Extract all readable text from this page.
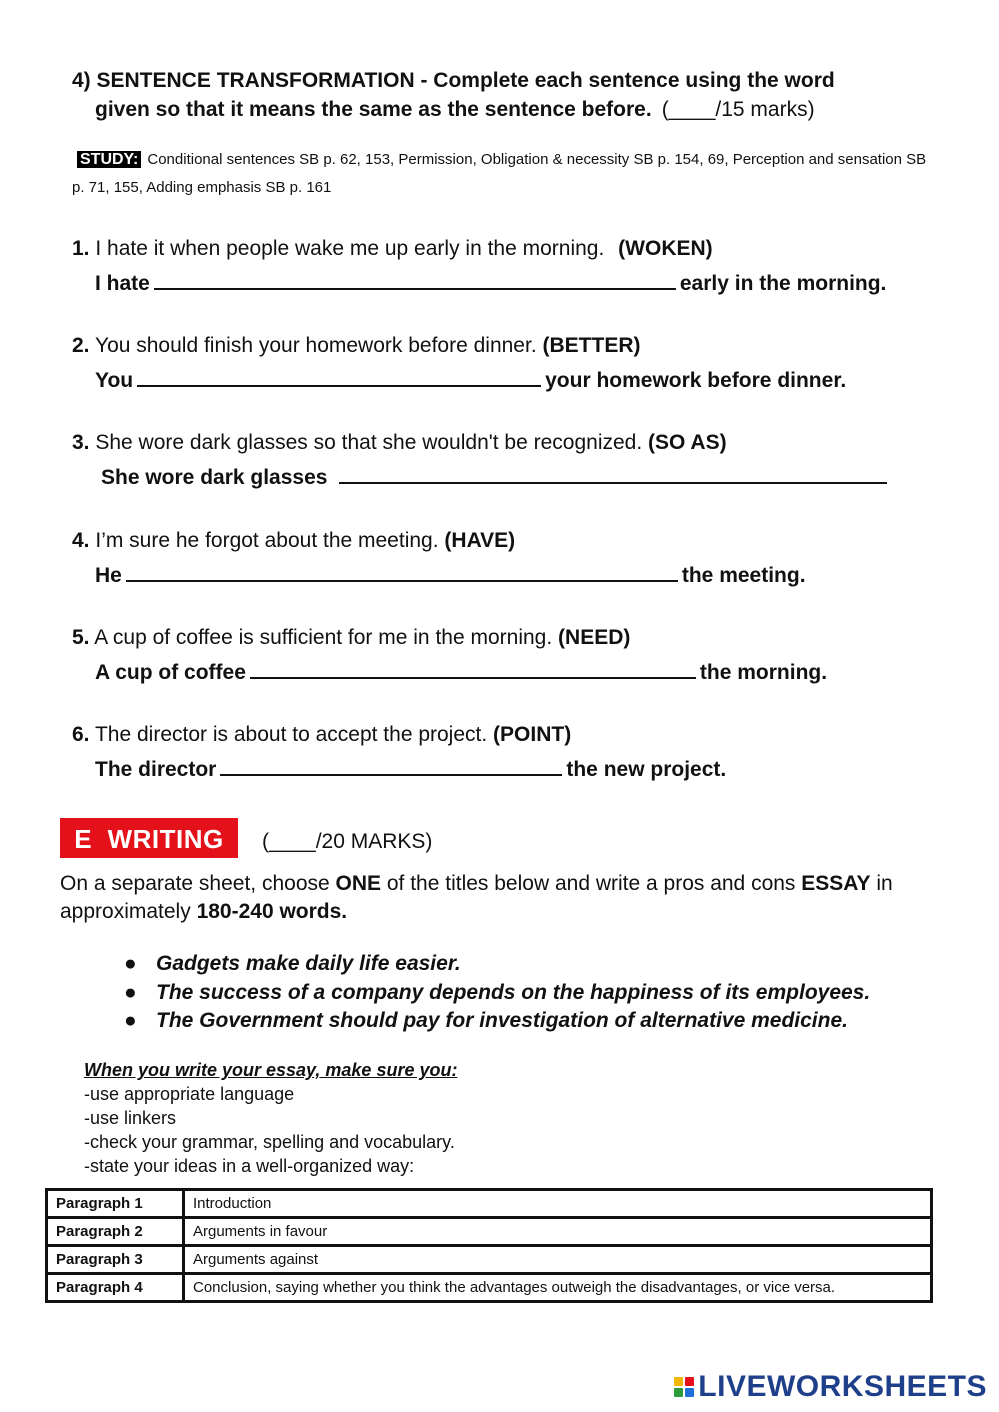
4) SENTENCE TRANSFORMATION - Complete each sentence using the word
given so that it means the same as the sentence before. (____/15 marks)
STUDY: Conditional sentences SB p. 62, 153, Permission, Obligation & necessity SB p. 154, 69, Perception and sensation SB p. 71, 155, Adding emphasis SB p. 161
1. I hate it when people wake me up early in the morning. (WOKEN)
I hate	early in the morning.
2. You should finish your homework before dinner. (BETTER)
You	your homework before dinner.
3. She wore dark glasses so that she wouldn't be recognized. (SO AS)
She wore dark glasses
4. I’m sure he forgot about the meeting. (HAVE)
He	the meeting.
5. A cup of coffee is sufficient for me in the morning. (NEED)
A cup of coffee	the morning.
6. The director is about to accept the project. (POINT)
The director	the new project.
E  WRITING	(____/20 MARKS)
On a separate sheet, choose ONE of the titles below and write a pros and cons ESSAY in approximately 180-240 words.
● Gadgets make daily life easier.
● The success of a company depends on the happiness of its employees.
● The Government should pay for investigation of alternative medicine.
When you write your essay, make sure you:
-use appropriate language
-use linkers
-check your grammar, spelling and vocabulary.
-state your ideas in a well-organized way:
Paragraph 1	Introduction
Paragraph 2	Arguments in favour
Paragraph 3	Arguments against
Paragraph 4	Conclusion, saying whether you think the advantages outweigh the disadvantages, or vice versa.
LIVEWORKSHEETS
